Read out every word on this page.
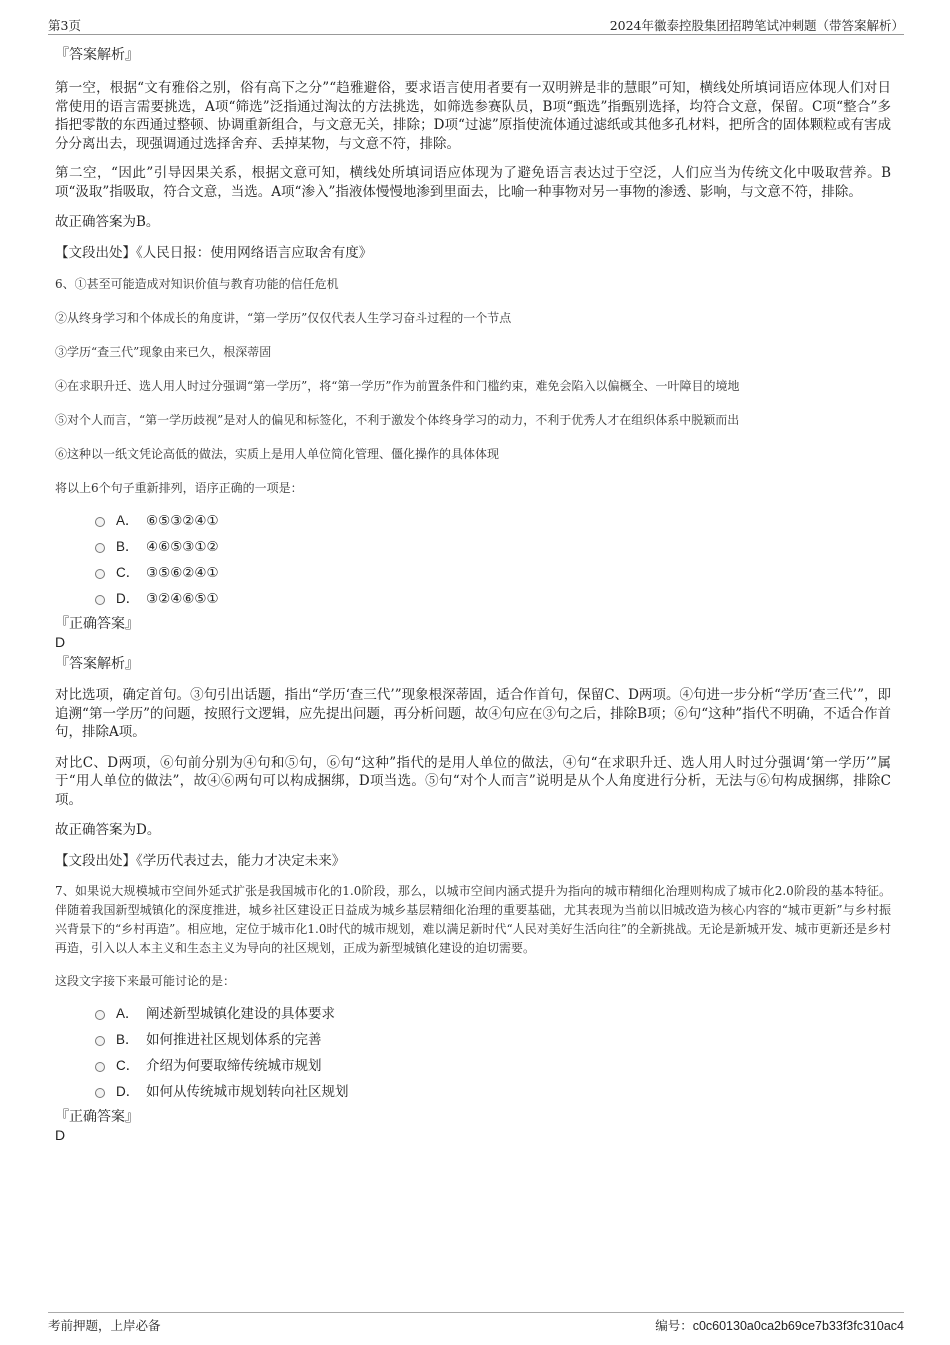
第3页	2024年徽泰控股集团招聘笔试冲刺题（带答案解析）

『答案解析』

第一空，根据“文有雅俗之别，俗有高下之分”“趋雅避俗，要求语言使用者要有一双明辨是非的慧眼”可知，横线处所填词语应体现人们对日常使用的语言需要挑选，A项“筛选”泛指通过淘汰的方法挑选，如筛选参赛队员，B项“甄选”指甄别选择，均符合文意，保留。C项“整合”多指把零散的东西通过整顿、协调重新组合，与文意无关，排除；D项“过滤”原指使流体通过滤纸或其他多孔材料，把所含的固体颗粒或有害成分分离出去，现强调通过选择舍弃、丢掉某物，与文意不符，排除。

第二空，“因此”引导因果关系，根据文意可知，横线处所填词语应体现为了避免语言表达过于空泛，人们应当为传统文化中吸取营养。B项“汲取”指吸取，符合文意，当选。A项“渗入”指液体慢慢地渗到里面去，比喻一种事物对另一事物的渗透、影响，与文意不符，排除。

故正确答案为B。

【文段出处】《人民日报：使用网络语言应取舍有度》

6、①甚至可能造成对知识价值与教育功能的信任危机

②从终身学习和个体成长的角度讲，“第一学历”仅仅代表人生学习奋斗过程的一个节点

③学历“查三代”现象由来已久，根深蒂固

④在求职升迁、选人用人时过分强调“第一学历”，将“第一学历”作为前置条件和门槛约束，难免会陷入以偏概全、一叶障目的境地

⑤对个人而言，“第一学历歧视”是对人的偏见和标签化，不利于激发个体终身学习的动力，不利于优秀人才在组织体系中脱颖而出

⑥这种以一纸文凭论高低的做法，实质上是用人单位简化管理、僵化操作的具体体现

将以上6个句子重新排列，语序正确的一项是：

A． ⑥⑤③②④①
B． ④⑥⑤③①②
C． ③⑤⑥②④①
D． ③②④⑥⑤①

『正确答案』

D

『答案解析』

对比选项，确定首句。③句引出话题，指出“学历‘查三代’”现象根深蒂固，适合作首句，保留C、D两项。④句进一步分析“学历‘查三代’”，即追溯“第一学历”的问题，按照行文逻辑，应先提出问题，再分析问题，故④句应在③句之后，排除B项；⑥句“这种”指代不明确，不适合作首句，排除A项。

对比C、D两项，⑥句前分别为④句和⑤句，⑥句“这种”指代的是用人单位的做法，④句“在求职升迁、选人用人时过分强调‘第一学历’”属于“用人单位的做法”，故④⑥两句可以构成捆绑，D项当选。⑤句“对个人而言”说明是从个人角度进行分析，无法与⑥句构成捆绑，排除C项。

故正确答案为D。

【文段出处】《学历代表过去，能力才决定未来》

7、如果说大规模城市空间外延式扩张是我国城市化的1.0阶段，那么，以城市空间内涵式提升为指向的城市精细化治理则构成了城市化2.0阶段的基本特征。伴随着我国新型城镇化的深度推进，城乡社区建设正日益成为城乡基层精细化治理的重要基础，尤其表现为当前以旧城改造为核心内容的“城市更新”与乡村振兴背景下的“乡村再造”。相应地，定位于城市化1.0时代的城市规划，难以满足新时代“人民对美好生活向往”的全新挑战。无论是新城开发、城市更新还是乡村再造，引入以人本主义和生态主义为导向的社区规划，正成为新型城镇化建设的迫切需要。

这段文字接下来最可能讨论的是：

A． 阐述新型城镇化建设的具体要求
B． 如何推进社区规划体系的完善
C． 介绍为何要取缔传统城市规划
D． 如何从传统城市规划转向社区规划

『正确答案』

D

考前押题，上岸必备	编号：c0c60130a0ca2b69ce7b33f3fc310ac4
